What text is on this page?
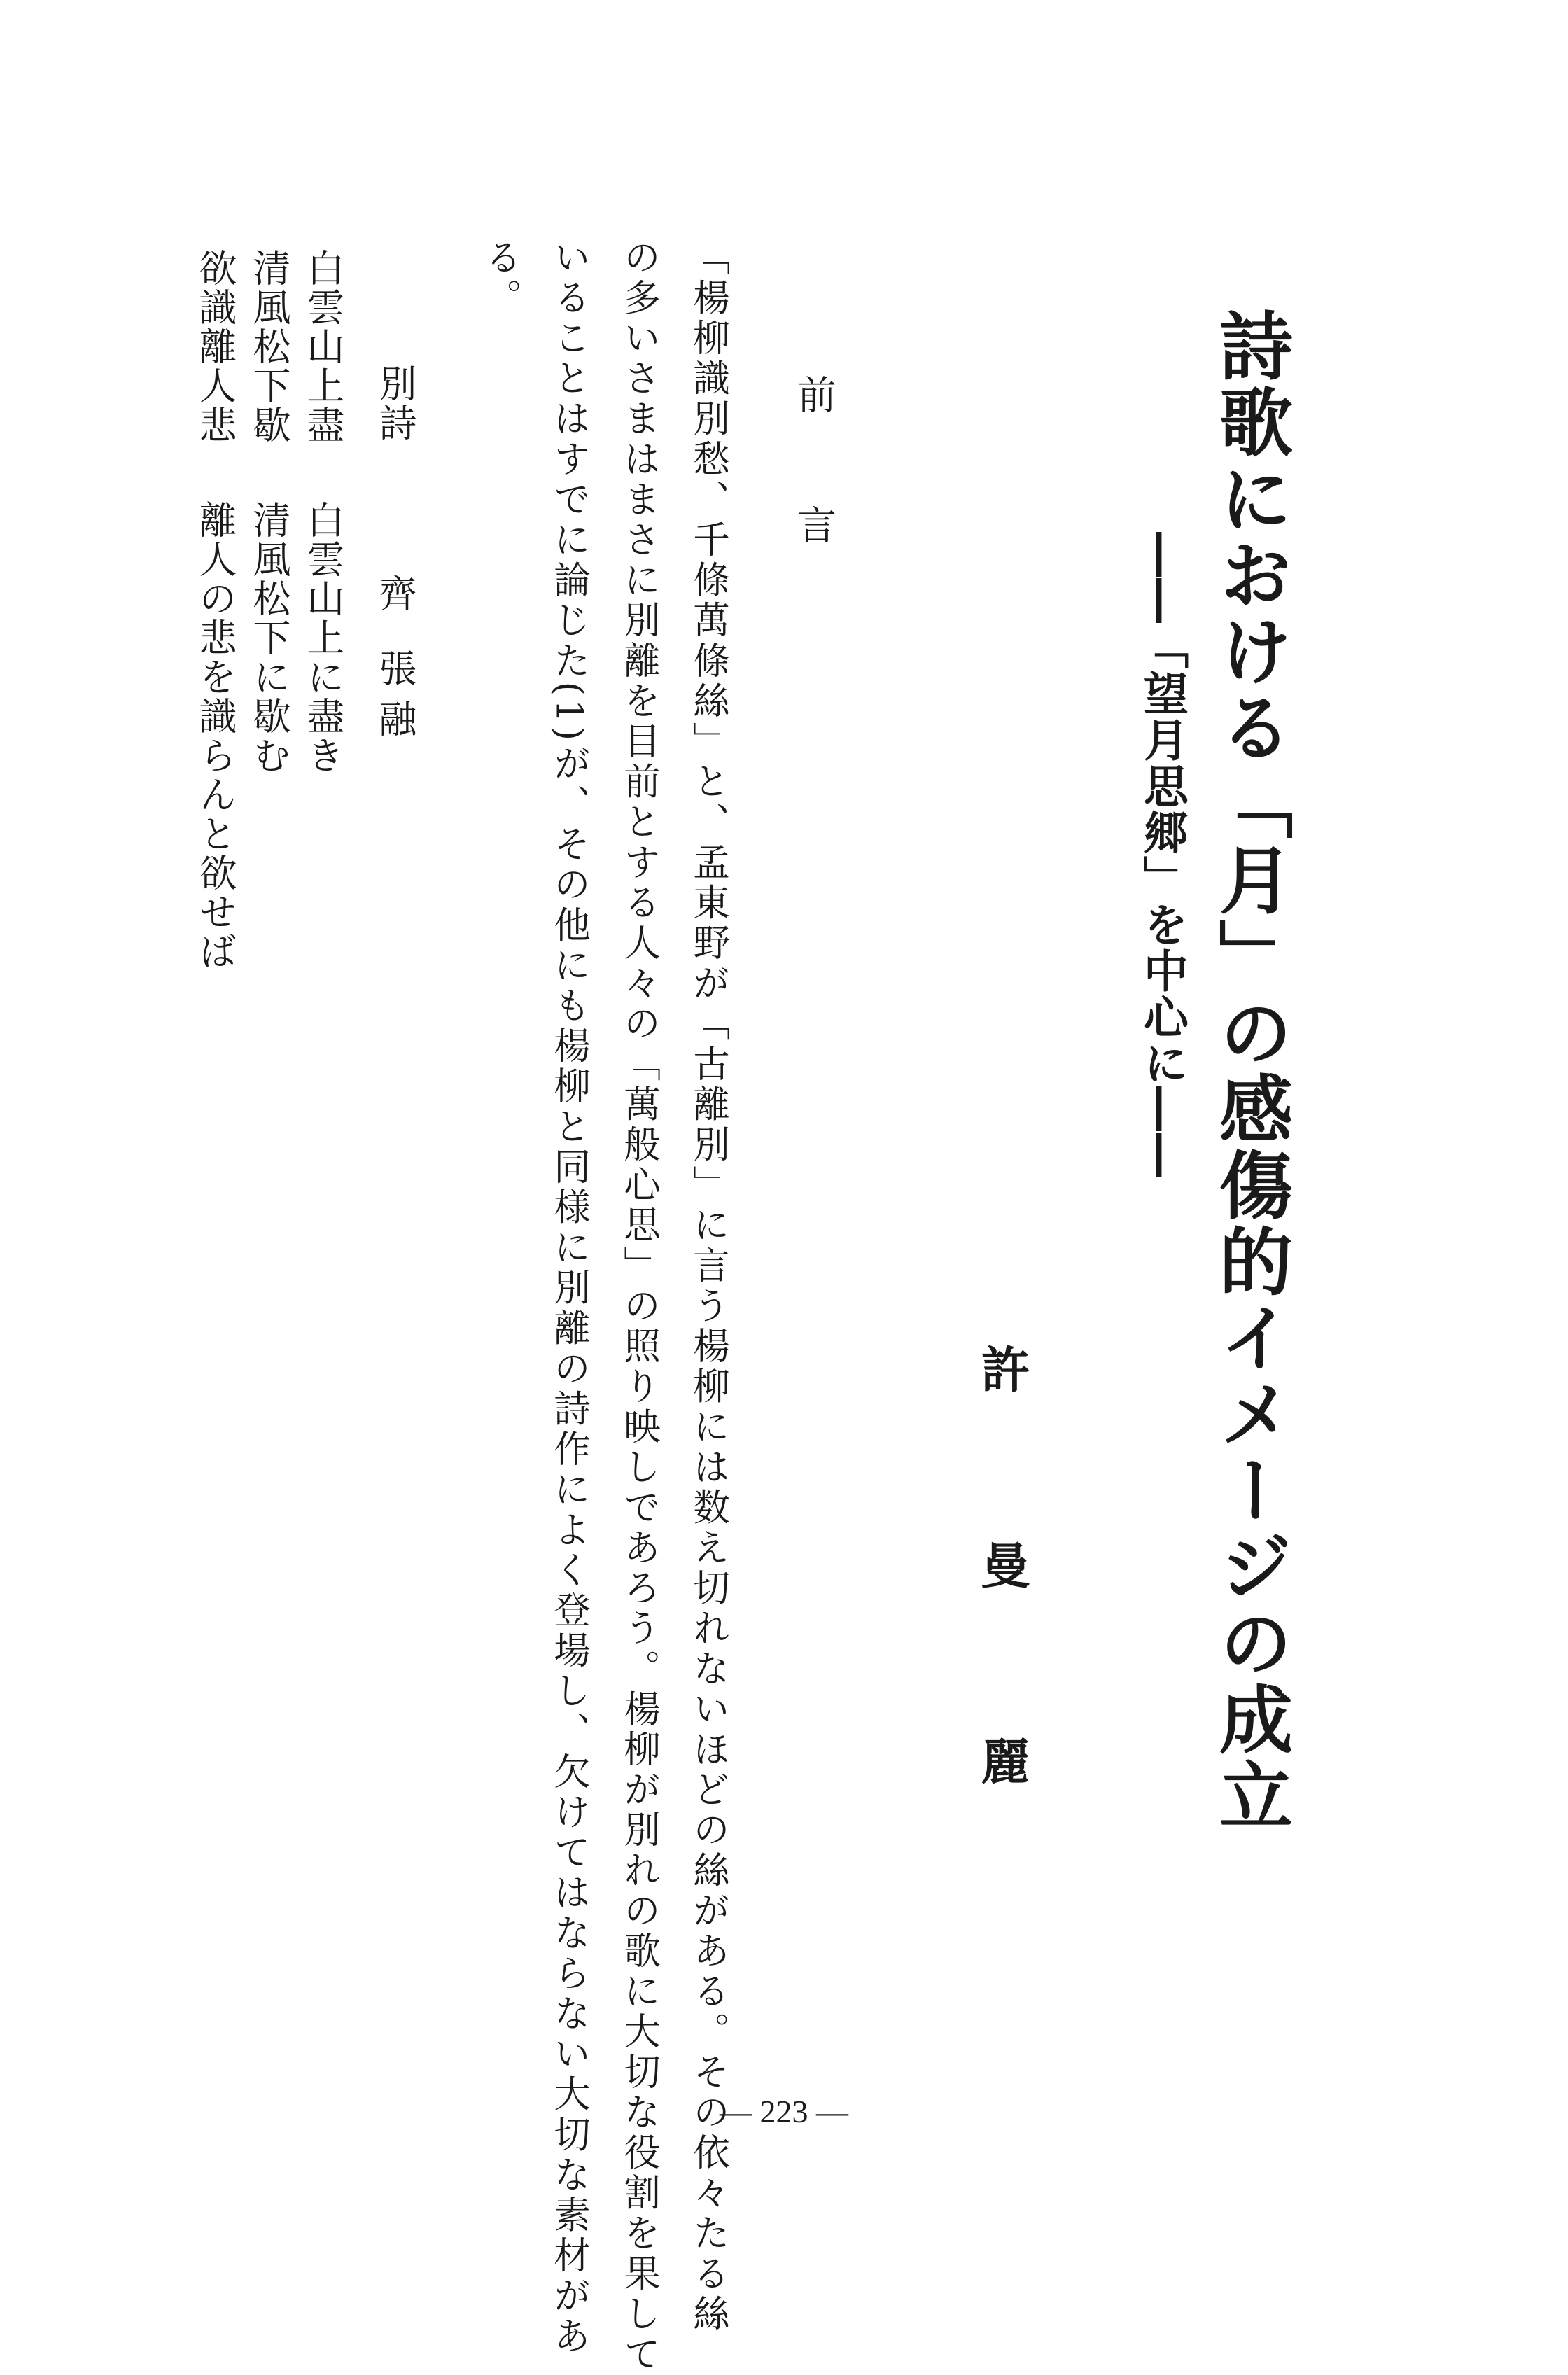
詩歌における「月」の感傷的イメージの成立
――「望月思郷」を中心に――
許曼麗
前言
「楊柳識別愁、千條萬條絲」と、孟東野が「古離別」に言う楊柳には数え切れないほどの絲がある。その依々たる絲
の多いさまはまさに別離を目前とする人々の「萬般心思」の照り映しであろう。楊柳が別れの歌に大切な役割を果して
いることはすでに論じた(1)が、その他にも楊柳と同様に別離の詩作によく登場し、欠けてはならない大切な素材があ
る。
別詩
齊 張融
白雲山上盡
清風松下歇
欲識離人悲
白雲山上に盡き
清風松下に歇む
離人の悲を識らんと欲せば
— 223 —
